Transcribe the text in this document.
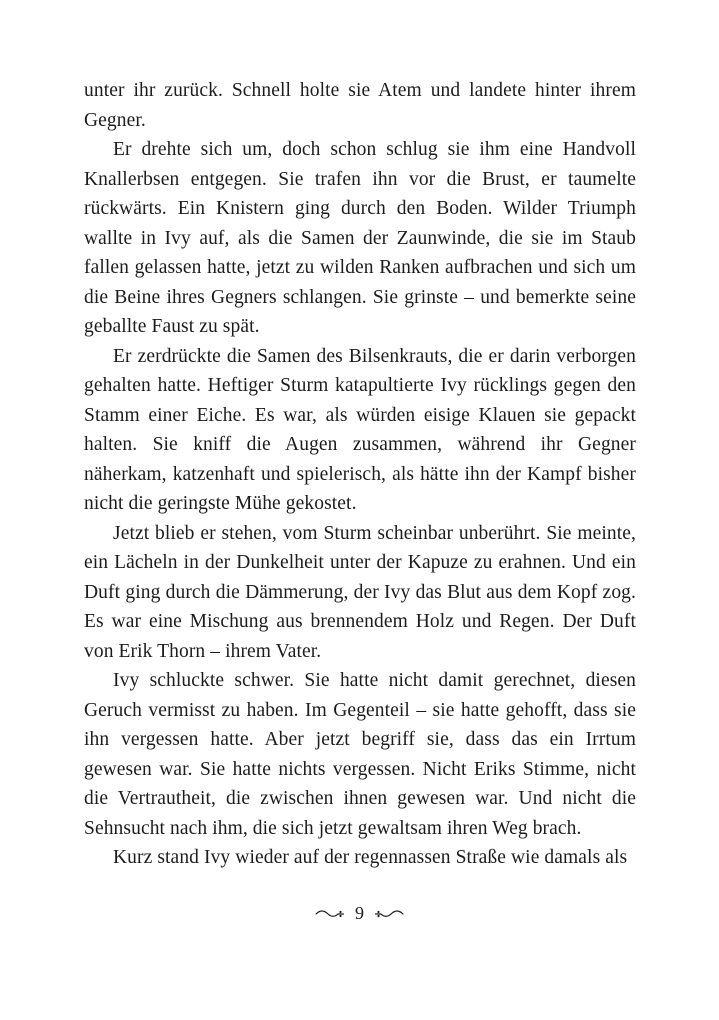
unter ihr zurück. Schnell holte sie Atem und landete hinter ihrem Gegner.

Er drehte sich um, doch schon schlug sie ihm eine Handvoll Knallerbsen entgegen. Sie trafen ihn vor die Brust, er taumelte rückwärts. Ein Knistern ging durch den Boden. Wilder Triumph wallte in Ivy auf, als die Samen der Zaunwinde, die sie im Staub fallen gelassen hatte, jetzt zu wilden Ranken aufbrachen und sich um die Beine ihres Gegners schlangen. Sie grinste – und bemerkte seine geballte Faust zu spät.

Er zerdrückte die Samen des Bilsenkrauts, die er darin verborgen gehalten hatte. Heftiger Sturm katapultierte Ivy rücklings gegen den Stamm einer Eiche. Es war, als würden eisige Klauen sie gepackt halten. Sie kniff die Augen zusammen, während ihr Gegner näherkam, katzenhaft und spielerisch, als hätte ihn der Kampf bisher nicht die geringste Mühe gekostet.

Jetzt blieb er stehen, vom Sturm scheinbar unberührt. Sie meinte, ein Lächeln in der Dunkelheit unter der Kapuze zu erahnen. Und ein Duft ging durch die Dämmerung, der Ivy das Blut aus dem Kopf zog. Es war eine Mischung aus brennendem Holz und Regen. Der Duft von Erik Thorn – ihrem Vater.

Ivy schluckte schwer. Sie hatte nicht damit gerechnet, diesen Geruch vermisst zu haben. Im Gegenteil – sie hatte gehofft, dass sie ihn vergessen hatte. Aber jetzt begriff sie, dass das ein Irrtum gewesen war. Sie hatte nichts vergessen. Nicht Eriks Stimme, nicht die Vertrautheit, die zwischen ihnen gewesen war. Und nicht die Sehnsucht nach ihm, die sich jetzt gewaltsam ihren Weg brach.

Kurz stand Ivy wieder auf der regennassen Straße wie damals als

9
